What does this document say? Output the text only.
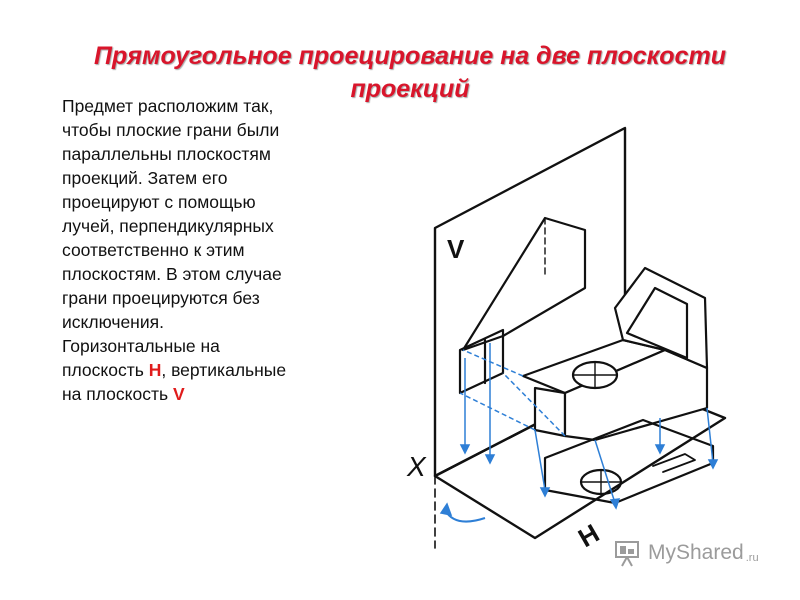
Прямоугольное проецирование на две плоскости проекций
Предмет расположим так, чтобы плоские грани были параллельны плоскостям проекций. Затем его проецируют с помощью лучей, перпендикулярных соответственно к этим плоскостям. В этом случае грани проецируются без исключения. Горизонтальные на плоскость H, вертикальные на плоскость V
V
X
H MyShared .ru
